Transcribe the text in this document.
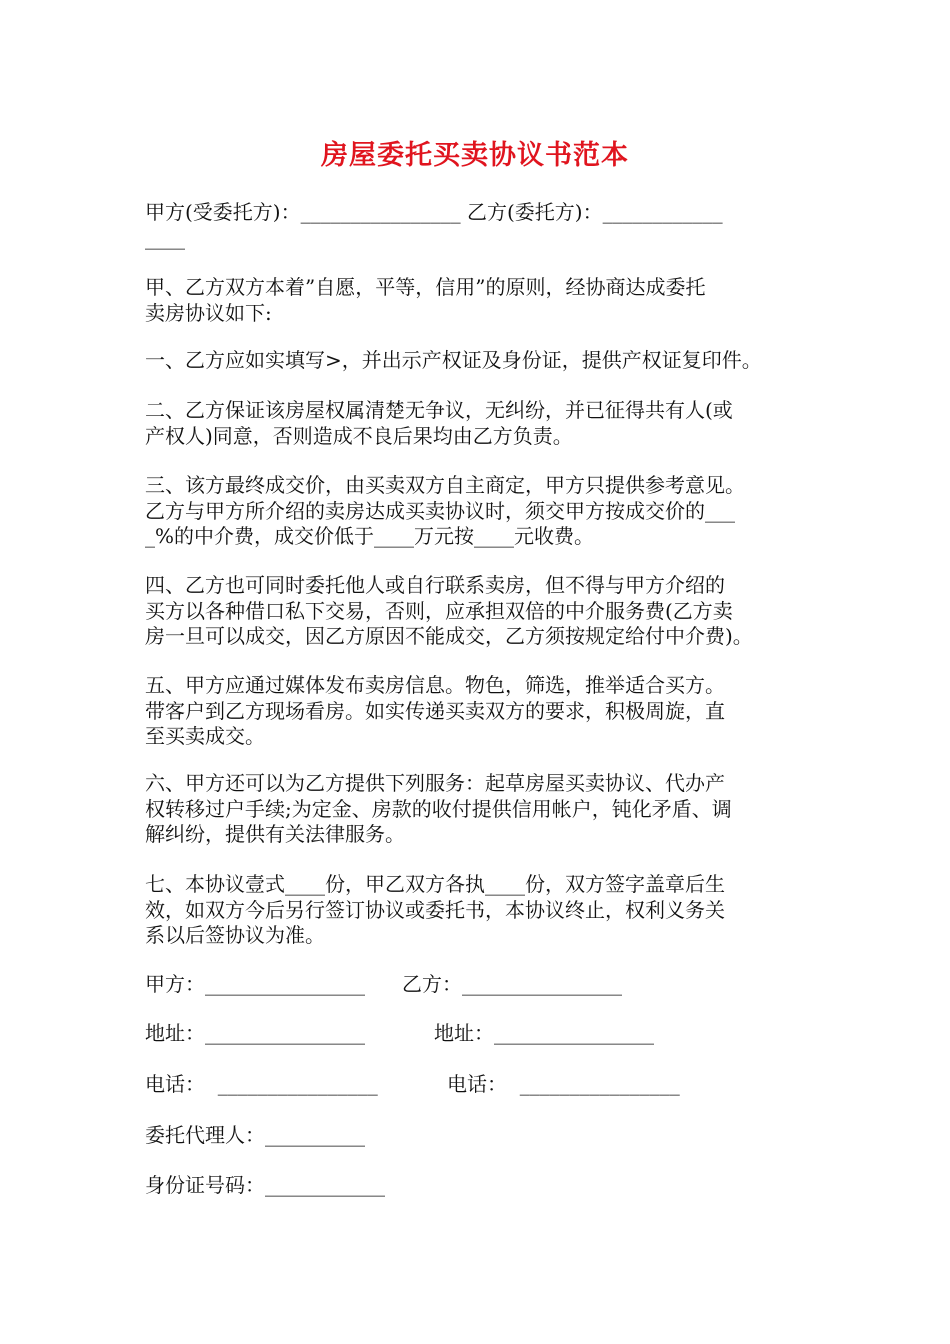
房屋委托买卖协议书范本
甲方(受委托方)：________________ 乙方(委托方)：____________
____
甲、乙方双方本着”自愿，平等，信用”的原则，经协商达成委托
卖房协议如下:
一、乙方应如实填写>，并出示产权证及身份证，提供产权证复印件。
二、乙方保证该房屋权属清楚无争议，无纠纷，并已征得共有人(或
产权人)同意，否则造成不良后果均由乙方负责。
三、该方最终成交价，由买卖双方自主商定，甲方只提供参考意见。
乙方与甲方所介绍的卖房达成买卖协议时，须交甲方按成交价的___
_%的中介费，成交价低于____万元按____元收费。
四、乙方也可同时委托他人或自行联系卖房，但不得与甲方介绍的
买方以各种借口私下交易，否则，应承担双倍的中介服务费(乙方卖
房一旦可以成交，因乙方原因不能成交，乙方须按规定给付中介费)。
五、甲方应通过媒体发布卖房信息。物色，筛选，推举适合买方。
带客户到乙方现场看房。如实传递买卖双方的要求，积极周旋，直
至买卖成交。
六、甲方还可以为乙方提供下列服务：起草房屋买卖协议、代办产
权转移过户手续;为定金、房款的收付提供信用帐户，钝化矛盾、调
解纠纷，提供有关法律服务。
七、本协议壹式____份，甲乙双方各执____份，双方签字盖章后生
效，如双方今后另行签订协议或委托书，本协议终止，权利义务关
系以后签协议为准。
甲方：________________ 乙方：________________
地址：________________	地址：________________
电话：  ________________	电话：  ________________
委托代理人：__________
身份证号码：____________
